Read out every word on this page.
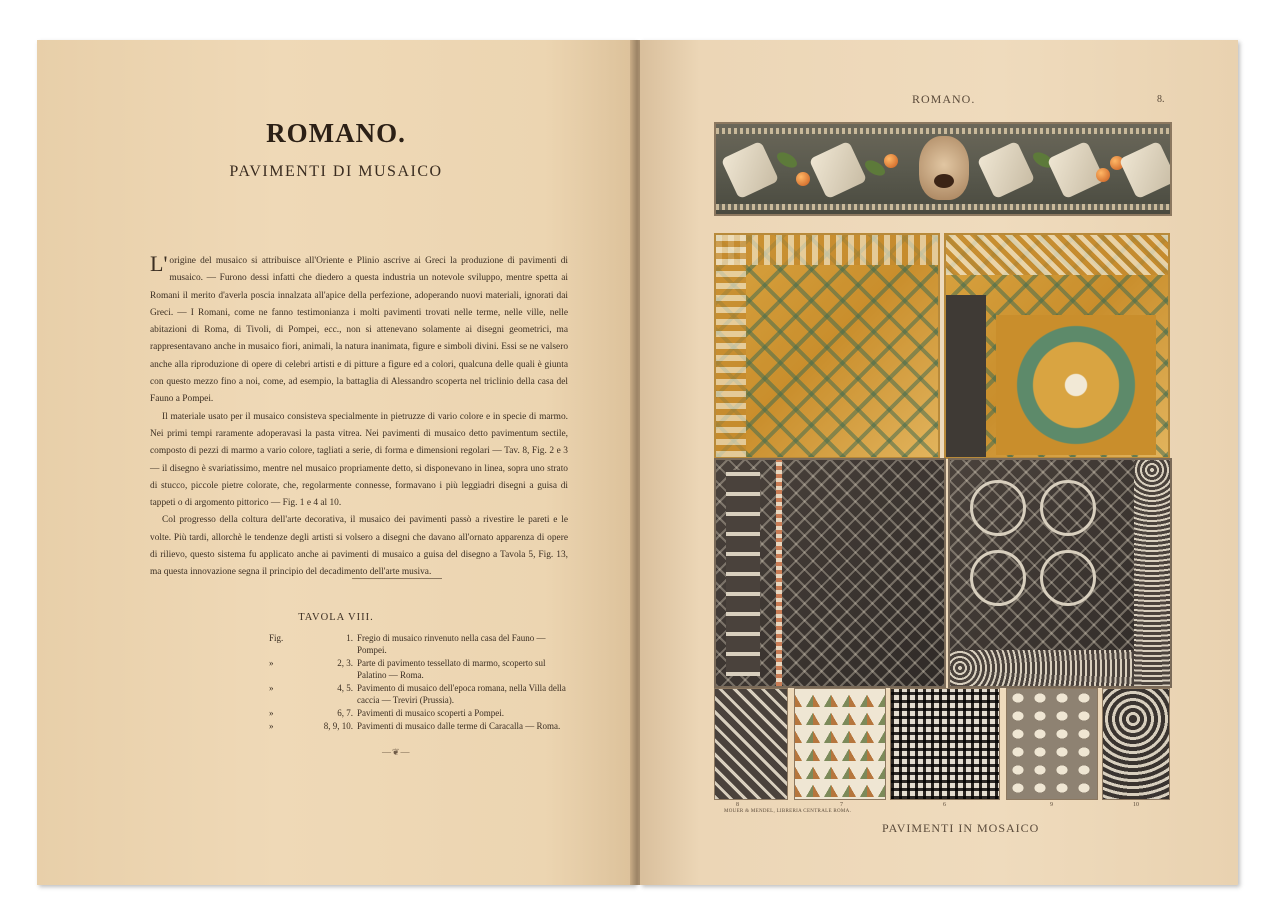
ROMANO.
PAVIMENTI DI MUSAICO

L' origine del musaico si attribuisce all'Oriente e Plinio ascrive ai Greci la produzione di pavimenti di musaico. — Furono dessi infatti che diedero a questa industria un notevole sviluppo, mentre spetta ai Romani il merito d'averla poscia innalzata all'apice della perfezione, adoperando nuovi materiali, ignorati dai Greci. — I Romani, come ne fanno testimonianza i molti pavimenti trovati nelle terme, nelle ville, nelle abitazioni di Roma, di Tivoli, di Pompei, ecc., non si attenevano solamente ai disegni geometrici, ma rappresentavano anche in musaico fiori, animali, la natura inanimata, figure e simboli divini. Essi se ne valsero anche alla riproduzione di opere di celebri artisti e di pitture a figure ed a colori, qualcuna delle quali è giunta con questo mezzo fino a noi, come, ad esempio, la battaglia di Alessandro scoperta nel triclinio della casa del Fauno a Pompei.

Il materiale usato per il musaico consisteva specialmente in pietruzze di vario colore e in specie di marmo. Nei primi tempi raramente adoperavasi la pasta vitrea. Nei pavimenti di musaico detto pavimentum sectile, composto di pezzi di marmo a vario colore, tagliati a serie, di forma e dimensioni regolari — Tav. 8, Fig. 2 e 3 — il disegno è svariatissimo, mentre nel musaico propriamente detto, si disponevano in linea, sopra uno strato di stucco, piccole pietre colorate, che, regolarmente connesse, formavano i più leggiadri disegni a guisa di tappeti o di argomento pittorico — Fig. 1 e 4 al 10.

Col progresso della coltura dell'arte decorativa, il musaico dei pavimenti passò a rivestire le pareti e le volte. Più tardi, allorchè le tendenze degli artisti si volsero a disegni che davano all'ornato apparenza di opere di rilievo, questo sistema fu applicato anche ai pavimenti di musaico a guisa del disegno a Tavola 5, Fig. 13, ma questa innovazione segna il principio del decadimento dell'arte musiva.

TAVOLA VIII.
Fig.	1. Fregio di musaico rinvenuto nella casa del Fauno — Pompei.
»	2, 3. Parte di pavimento tessellato di marmo, scoperto sul Palatino — Roma.
»	4, 5. Pavimento di musaico dell'epoca romana, nella Villa della caccia — Treviri (Prussia).
»	6, 7. Pavimenti di musaico scoperti a Pompei.
»	8, 9, 10. Pavimenti di musaico dalle terme di Caracalla — Roma.
—❦—
ROMANO.	8.
8	7	6	9	10
MOUER & MENDEL, LIBRERIA CENTRALE ROMA.
PAVIMENTI IN MOSAICO
